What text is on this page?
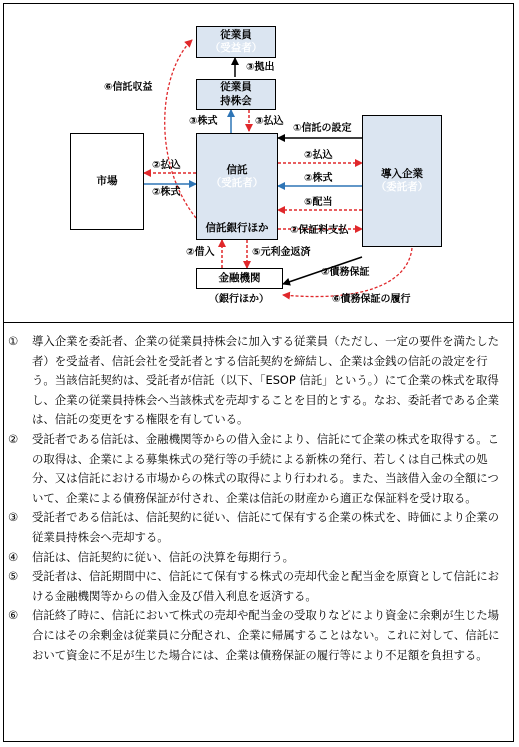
従業員
（受益者）
従業員
持株会
市場
信託
（受託者）
信託銀行ほか
導入企業
（委託者）
金融機関
（銀行ほか）
③拠出
⑥信託収益
③株式	③払込
①信託の設定
②払込
②株式
②払込
②株式
⑤配当
②保証料支払
②借入	⑤元利金返済
②債務保証
⑥債務保証の履行
①	導入企業を委託者、企業の従業員持株会に加入する従業員（ただし、一定の要件を満たした者）を受益者、信託会社を受託者とする信託契約を締結し、企業は金銭の信託の設定を行う。当該信託契約は、受託者が信託（以下、「ESOP 信託」という。）にて企業の株式を取得し、企業の従業員持株会へ当該株式を売却することを目的とする。なお、委託者である企業は、信託の変更をする権限を有している。
②	受託者である信託は、金融機関等からの借入金により、信託にて企業の株式を取得する。この取得は、企業による募集株式の発行等の手続による新株の発行、若しくは自己株式の処分、又は信託における市場からの株式の取得により行われる。また、当該借入金の全額について、企業による債務保証が付され、企業は信託の財産から適正な保証料を受け取る。
③	受託者である信託は、信託契約に従い、信託にて保有する企業の株式を、時価により企業の従業員持株会へ売却する。
④	信託は、信託契約に従い、信託の決算を毎期行う。
⑤	受託者は、信託期間中に、信託にて保有する株式の売却代金と配当金を原資として信託における金融機関等からの借入金及び借入利息を返済する。
⑥	信託終了時に、信託において株式の売却や配当金の受取りなどにより資金に余剰が生じた場合にはその余剰金は従業員に分配され、企業に帰属することはない。これに対して、信託において資金に不足が生じた場合には、企業は債務保証の履行等により不足額を負担する。
